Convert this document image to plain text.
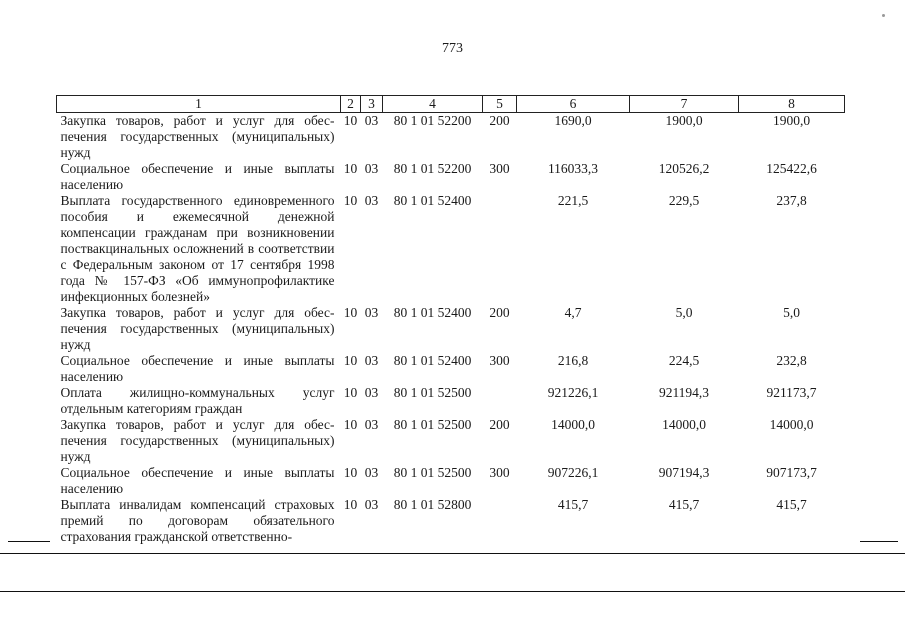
773
1	2	3	4	5	6	7	8
Закупка товаров, работ и услуг для обеспечения государственных (муниципальных) нужд	10	03	80 1 01 52200	200	1690,0	1900,0	1900,0
Социальное обеспечение и иные выплаты населению	10	03	80 1 01 52200	300	116033,3	120526,2	125422,6
Выплата государственного единовременного пособия и ежемесячной денежной компенсации гражданам при возникновении поствакцинальных осложнений в соответствии с Федеральным законом от 17 сентября 1998 года № 157-ФЗ «Об иммунопрофилактике инфекционных болезней»	10	03	80 1 01 52400		221,5	229,5	237,8
Закупка товаров, работ и услуг для обеспечения государственных (муниципальных) нужд	10	03	80 1 01 52400	200	4,7	5,0	5,0
Социальное обеспечение и иные выплаты населению	10	03	80 1 01 52400	300	216,8	224,5	232,8
Оплата жилищно-коммунальных услуг отдельным категориям граждан	10	03	80 1 01 52500		921226,1	921194,3	921173,7
Закупка товаров, работ и услуг для обеспечения государственных (муниципальных) нужд	10	03	80 1 01 52500	200	14000,0	14000,0	14000,0
Социальное обеспечение и иные выплаты населению	10	03	80 1 01 52500	300	907226,1	907194,3	907173,7
Выплата инвалидам компенсаций страховых премий по договорам обязательного страхования гражданской ответственно-	10	03	80 1 01 52800		415,7	415,7	415,7
